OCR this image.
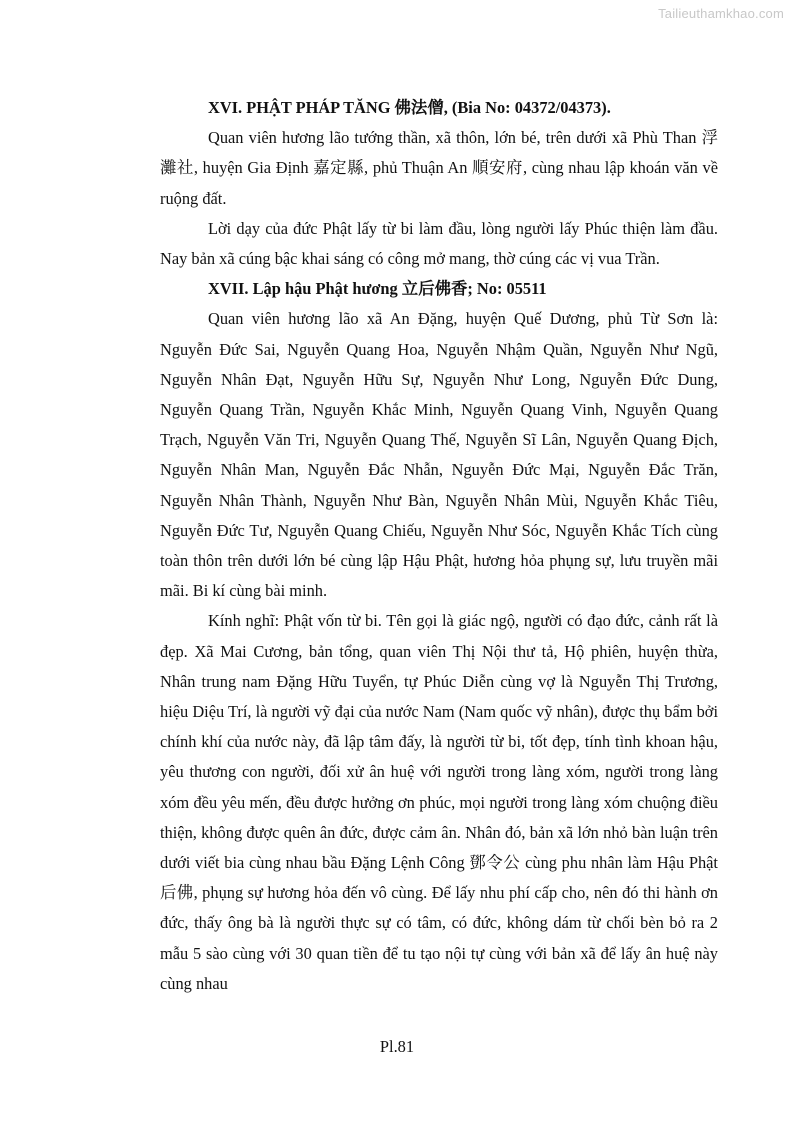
Tailieuthamkhao.com

XVI. PHẬT PHÁP TĂNG 佛法僧, (Bia No: 04372/04373).

Quan viên hương lão tướng thần, xã thôn, lớn bé, trên dưới xã Phù Than 浮灘社, huyện Gia Định 嘉定縣, phủ Thuận An 順安府, cùng nhau lập khoán văn về ruộng đất.

Lời dạy của đức Phật lấy từ bi làm đầu, lòng người lấy Phúc thiện làm đầu. Nay bản xã cúng bậc khai sáng có công mở mang, thờ cúng các vị vua Trần.

XVII. Lập hậu Phật hương 立后佛香; No: 05511

Quan viên hương lão xã An Đặng, huyện Quế Dương, phủ Từ Sơn là: Nguyễn Đức Sai, Nguyễn Quang Hoa, Nguyễn Nhậm Quần, Nguyễn Như Ngũ, Nguyễn Nhân Đạt, Nguyễn Hữu Sự, Nguyễn Như Long, Nguyễn Đức Dung, Nguyễn Quang Trần, Nguyễn Khắc Minh, Nguyễn Quang Vinh, Nguyễn Quang Trạch, Nguyễn Văn Tri, Nguyễn Quang Thế, Nguyễn Sĩ Lân, Nguyễn Quang Địch, Nguyễn Nhân Man, Nguyễn Đắc Nhẫn, Nguyễn Đức Mại, Nguyễn Đắc Trăn, Nguyễn Nhân Thành, Nguyễn Như Bàn, Nguyễn Nhân Mùi, Nguyễn Khắc Tiêu, Nguyễn Đức Tư, Nguyễn Quang Chiếu, Nguyễn Như Sóc, Nguyễn Khắc Tích cùng toàn thôn trên dưới lớn bé cùng lập Hậu Phật, hương hỏa phụng sự, lưu truyền mãi mãi. Bi kí cùng bài minh.

Kính nghĩ: Phật vốn từ bi. Tên gọi là giác ngộ, người có đạo đức, cảnh rất là đẹp. Xã Mai Cương, bản tổng, quan viên Thị Nội thư tả, Hộ phiên, huyện thừa, Nhân trung nam Đặng Hữu Tuyển, tự Phúc Diễn cùng vợ là Nguyễn Thị Trương, hiệu Diệu Trí, là người vỹ đại của nước Nam (Nam quốc vỹ nhân), được thụ bẩm bởi chính khí của nước này, đã lập tâm đấy, là người từ bi, tốt đẹp, tính tình khoan hậu, yêu thương con người, đối xử ân huệ với người trong làng xóm, người trong làng xóm đều yêu mến, đều được hưởng ơn phúc, mọi người trong làng xóm chuộng điều thiện, không được quên ân đức, được cảm ân. Nhân đó, bản xã lớn nhỏ bàn luận trên dưới viết bia cùng nhau bầu Đặng Lệnh Công 鄧令公 cùng phu nhân làm Hậu Phật 后佛, phụng sự hương hỏa đến vô cùng. Để lấy nhu phí cấp cho, nên đó thi hành ơn đức, thấy ông bà là người thực sự có tâm, có đức, không dám từ chối bèn bỏ ra 2 mẫu 5 sào cùng với 30 quan tiền để tu tạo nội tự cùng với bản xã để lấy ân huệ này cùng nhau

Pl.81
